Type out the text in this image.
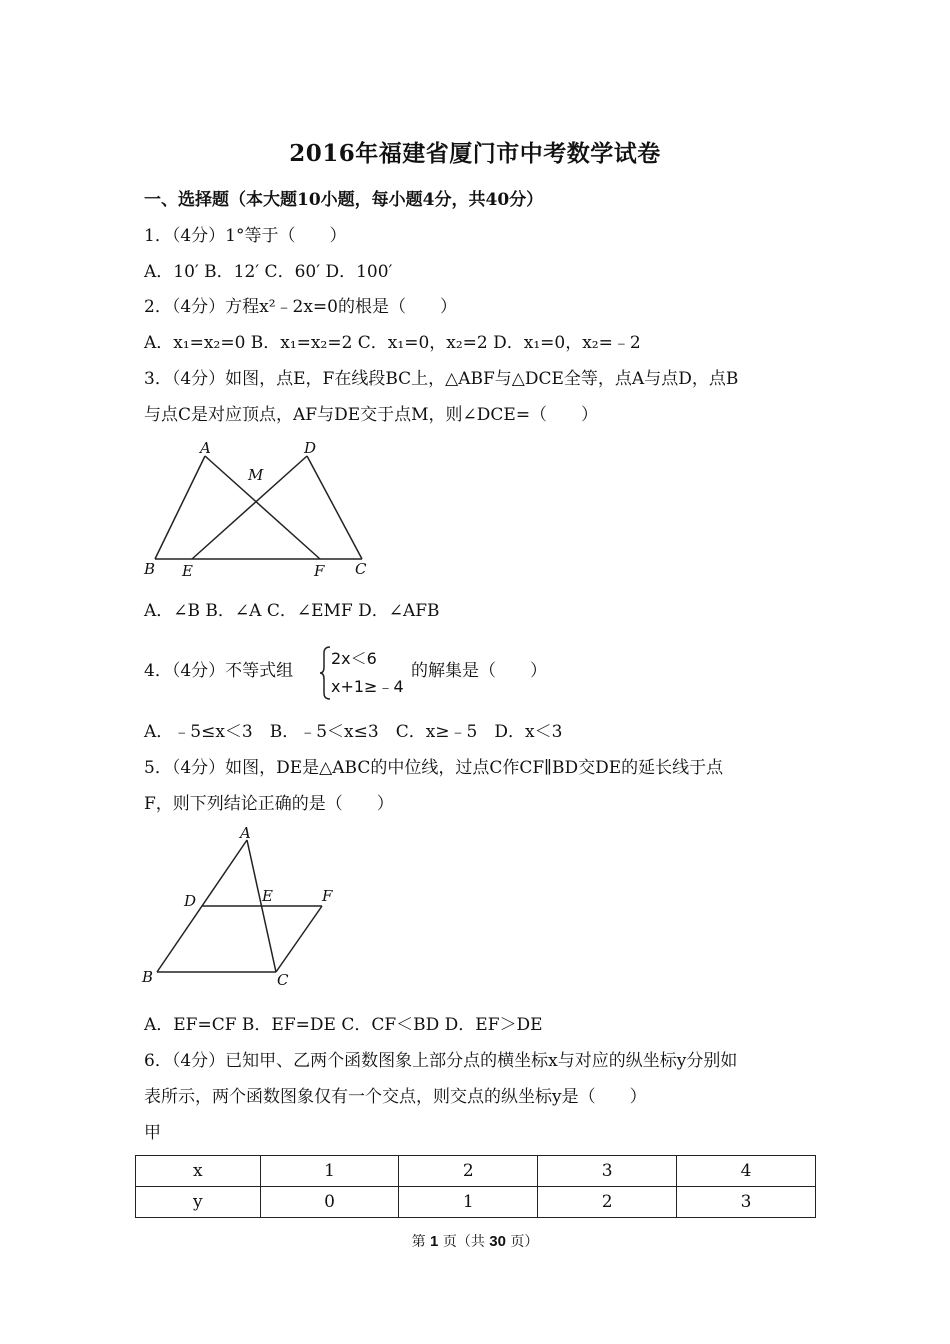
2016年福建省厦门市中考数学试卷
一、选择题（本大题10小题，每小题4分，共40分）
1．（4分）1°等于（　　）
A．10′ B．12′ C．60′ D．100′
2．（4分）方程x²﹣2x=0的根是（　　）
A．x₁=x₂=0 B．x₁=x₂=2 C．x₁=0，x₂=2 D．x₁=0，x₂=﹣2
3．（4分）如图，点E，F在线段BC上，△ABF与△DCE全等，点A与点D，点B
与点C是对应顶点，AF与DE交于点M，则∠DCE=（　　）
A	D
M
B E	F C
A．∠B B．∠A C．∠EMF D．∠AFB
4．（4分）不等式组
2x＜6
x+1≥﹣4
的解集是（　　）
A．﹣5≤x＜3　B．﹣5＜x≤3　C．x≥﹣5　D．x＜3
5．（4分）如图，DE是△ABC的中位线，过点C作CF∥BD交DE的延长线于点
F，则下列结论正确的是（　　）
A
D	E	F
B	C
A．EF=CF B．EF=DE C．CF＜BD D．EF＞DE
6．（4分）已知甲、乙两个函数图象上部分点的横坐标x与对应的纵坐标y分别如
表所示，两个函数图象仅有一个交点，则交点的纵坐标y是（　　）
甲
x	1	2	3	4
y	0	1	2	3
第 1 页（共 30 页）
